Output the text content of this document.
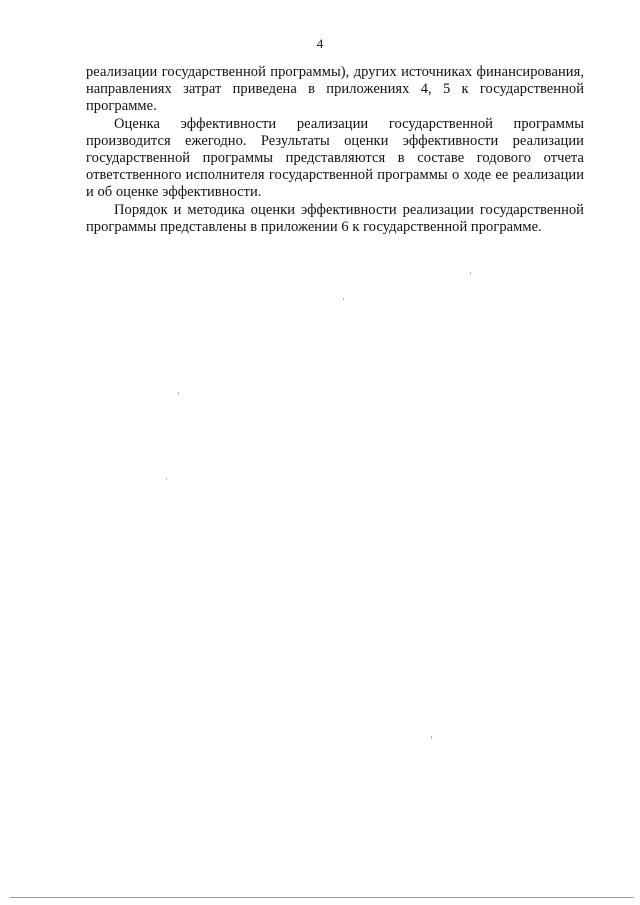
4

реализации государственной программы), других источниках финансирования, направлениях затрат приведена в приложениях 4, 5 к государственной программе.

Оценка эффективности реализации государственной программы производится ежегодно. Результаты оценки эффективности реализации государственной программы представляются в составе годового отчета ответственного исполнителя государственной программы о ходе ее реализации и об оценке эффективности.

Порядок и методика оценки эффективности реализации государственной программы представлены в приложении 6 к государственной программе.
